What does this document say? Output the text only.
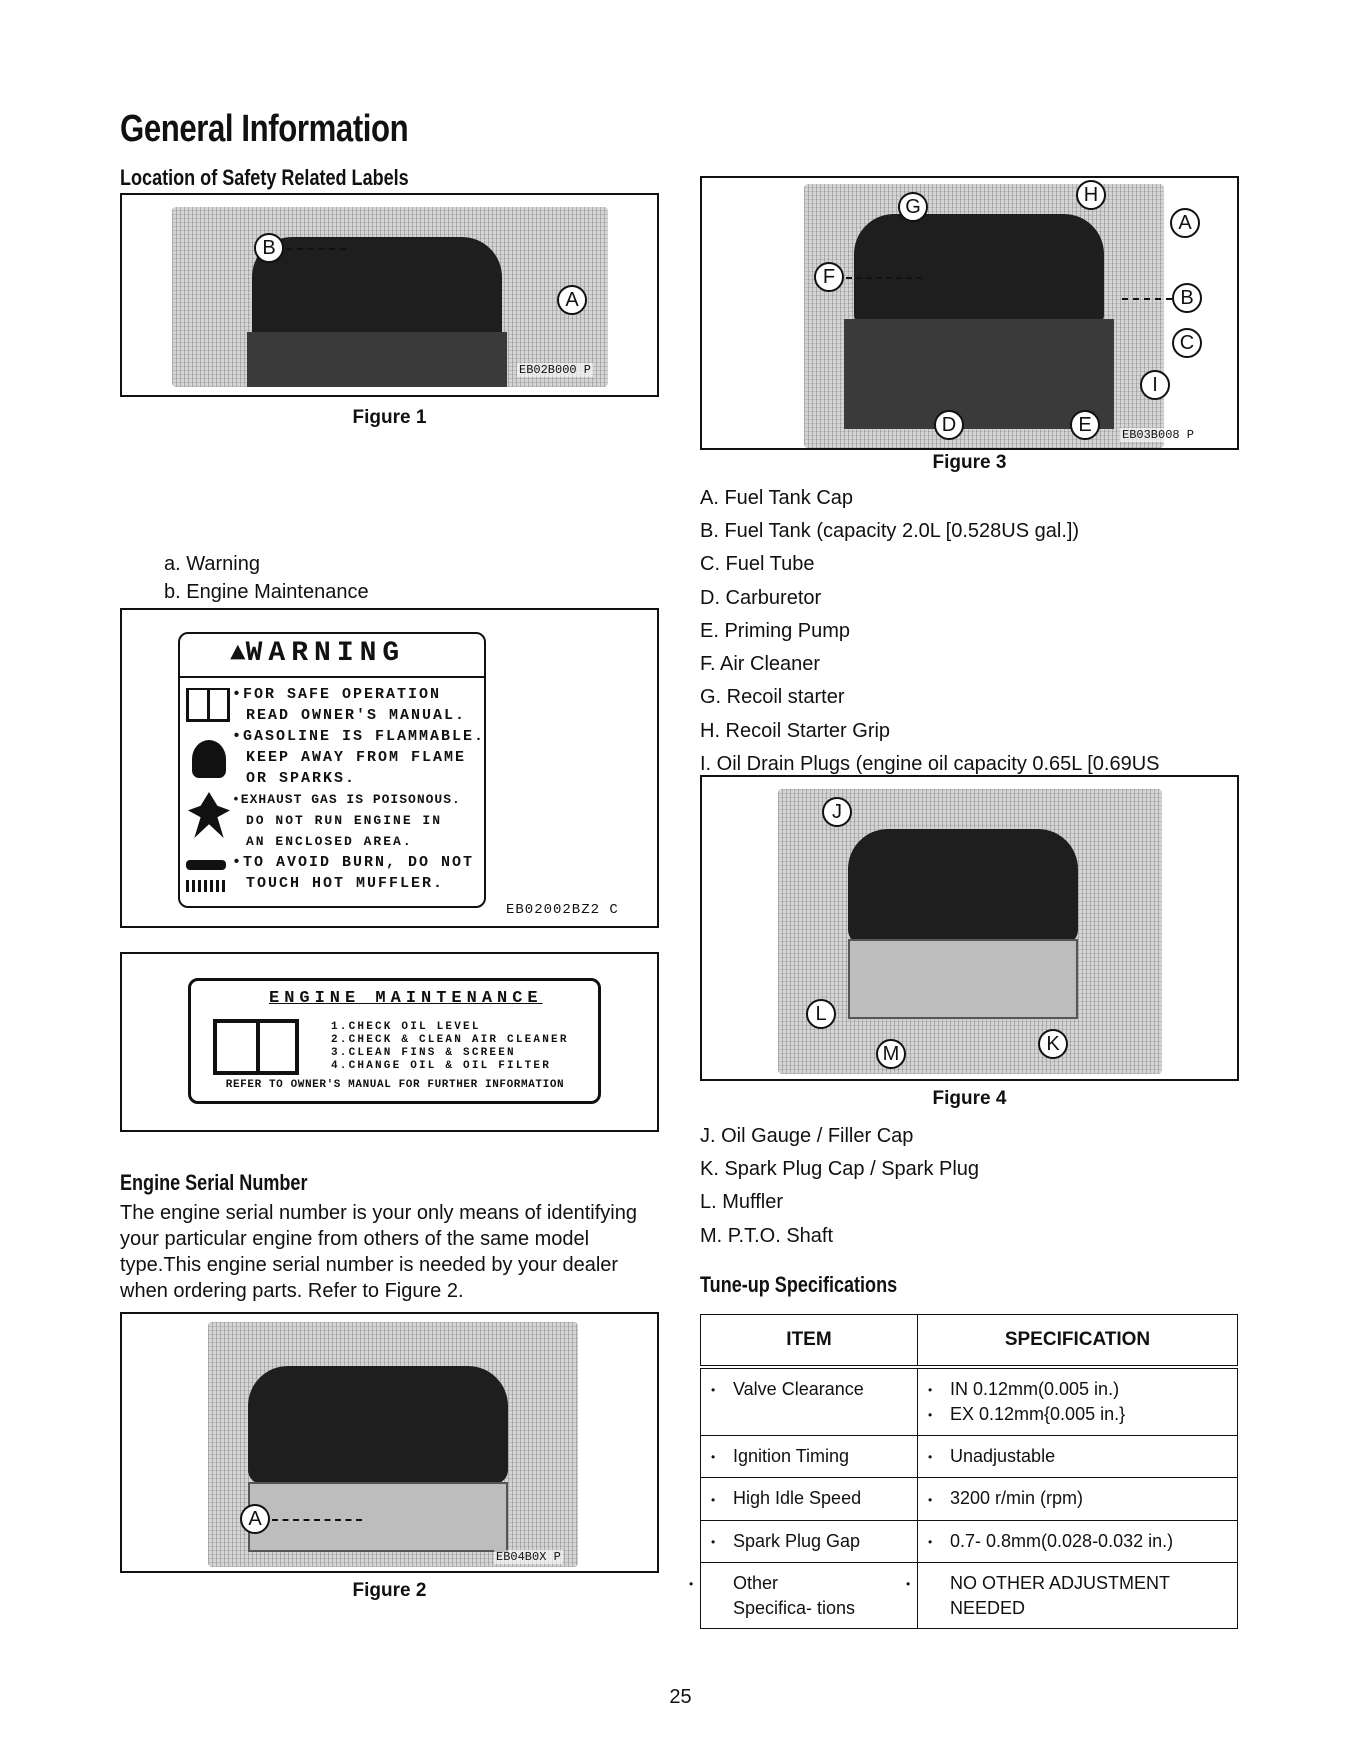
General Information
Location of Safety Related Labels
B
A
EB02B000 P
Figure 1
a. Warning
b. Engine Maintenance
▲WARNING
•FOR SAFE OPERATION
READ OWNER'S MANUAL.
•GASOLINE IS FLAMMABLE.
KEEP AWAY FROM FLAME
OR SPARKS.
•EXHAUST GAS IS POISONOUS.
DO NOT RUN ENGINE IN
AN ENCLOSED AREA.
•TO AVOID BURN, DO NOT
TOUCH HOT MUFFLER.
EB02002BZ2 C
ENGINE MAINTENANCE
1.CHECK OIL LEVEL
2.CHECK & CLEAN AIR CLEANER
3.CLEAN FINS & SCREEN
4.CHANGE OIL & OIL FILTER
REFER TO OWNER'S MANUAL FOR FURTHER INFORMATION
Engine Serial Number
The engine serial number is your only means of identifying your particular engine from others of the same model type.This engine serial number is needed by your dealer when ordering parts. Refer to Figure 2.
A
EB04B0X P
Figure 2
G
H
A
F
B
C
I
D	E	EB03B008 P
Figure 3
A. Fuel Tank Cap
B. Fuel Tank (capacity 2.0L [0.528US gal.])
C. Fuel Tube
D. Carburetor
E. Priming Pump
F. Air Cleaner
G. Recoil starter
H. Recoil Starter Grip
I. Oil Drain Plugs (engine oil capacity 0.65L [0.69US
J
L
M	K
Figure 4
J. Oil Gauge / Filler Cap
K. Spark Plug Cap / Spark Plug
L. Muffler
M. P.T.O. Shaft
Tune-up Specifications
ITEM	SPECIFICATION

• Valve Clearance	• IN 0.12mm(0.005 in.)
• EX 0.12mm{0.005 in.}

• Ignition Timing	• Unadjustable

• High Idle Speed	• 3200 r/min (rpm)

• Spark Plug Gap	• 0.7- 0.8mm(0.028-0.032 in.)

• Other Specifica- tions	• NO OTHER ADJUSTMENT NEEDED
25
